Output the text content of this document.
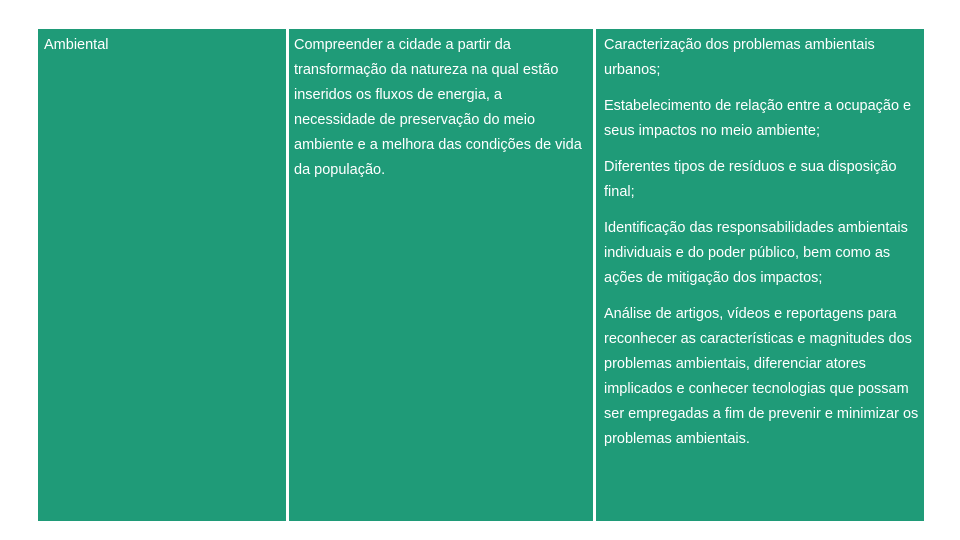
Ambiental	Compreender a cidade a partir da transformação da natureza na qual estão inseridos os fluxos de energia, a necessidade de preservação do meio ambiente e a melhora das condições de vida da população.

Caracterização dos problemas ambientais urbanos;

Estabelecimento de relação entre a ocupação e seus impactos no meio ambiente;

Diferentes tipos de resíduos e sua disposição final;

Identificação das responsabilidades ambientais individuais e do poder público, bem como as ações de mitigação dos impactos;

Análise de artigos, vídeos e reportagens para reconhecer as características e magnitudes dos problemas ambientais, diferenciar atores implicados e conhecer tecnologias que possam ser empregadas a fim de prevenir e minimizar os problemas ambientais.
